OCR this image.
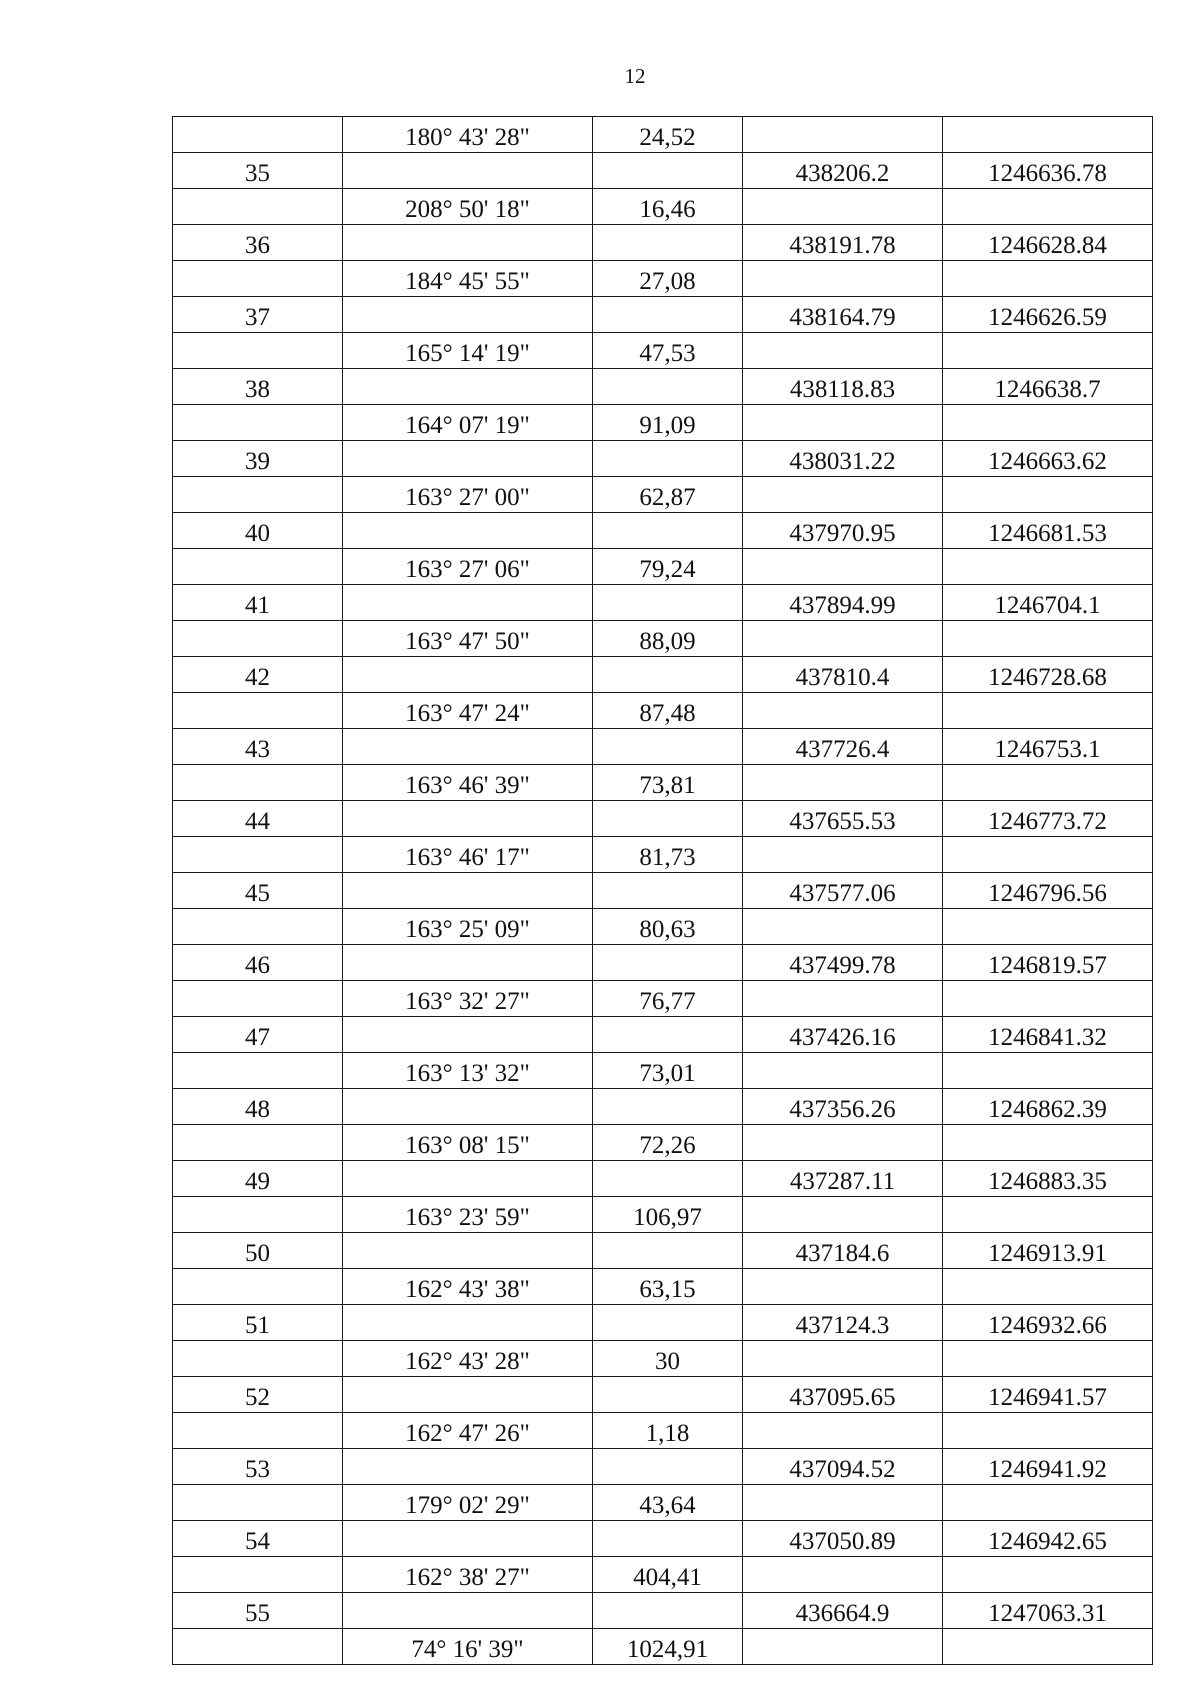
12
	180° 43' 28"	24,52		
35			438206.2	1246636.78
	208° 50' 18"	16,46		
36			438191.78	1246628.84
	184° 45' 55"	27,08		
37			438164.79	1246626.59
	165° 14' 19"	47,53		
38			438118.83	1246638.7
	164° 07' 19"	91,09		
39			438031.22	1246663.62
	163° 27' 00"	62,87		
40			437970.95	1246681.53
	163° 27' 06"	79,24		
41			437894.99	1246704.1
	163° 47' 50"	88,09		
42			437810.4	1246728.68
	163° 47' 24"	87,48		
43			437726.4	1246753.1
	163° 46' 39"	73,81		
44			437655.53	1246773.72
	163° 46' 17"	81,73		
45			437577.06	1246796.56
	163° 25' 09"	80,63		
46			437499.78	1246819.57
	163° 32' 27"	76,77		
47			437426.16	1246841.32
	163° 13' 32"	73,01		
48			437356.26	1246862.39
	163° 08' 15"	72,26		
49			437287.11	1246883.35
	163° 23' 59"	106,97		
50			437184.6	1246913.91
	162° 43' 38"	63,15		
51			437124.3	1246932.66
	162° 43' 28"	30		
52			437095.65	1246941.57
	162° 47' 26"	1,18		
53			437094.52	1246941.92
	179° 02' 29"	43,64		
54			437050.89	1246942.65
	162° 38' 27"	404,41		
55			436664.9	1247063.31
	74° 16' 39"	1024,91		
